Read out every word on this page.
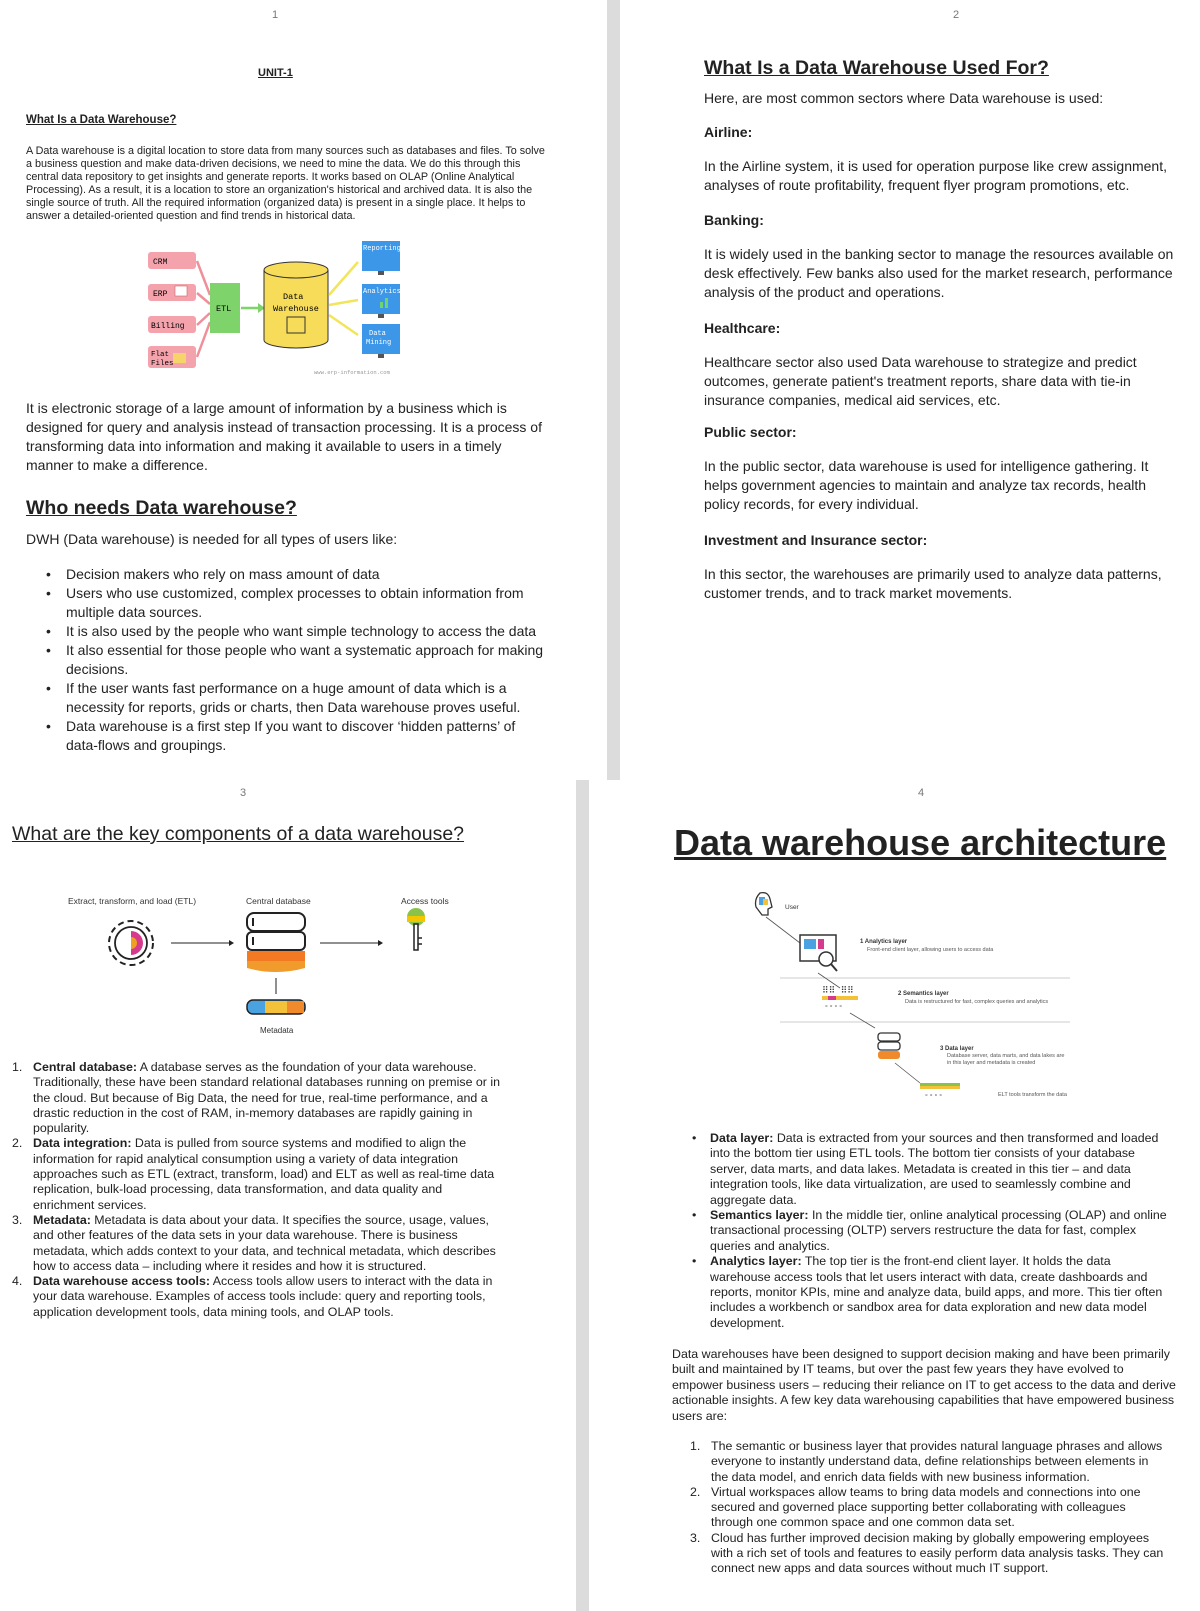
1
UNIT-1
What Is a Data Warehouse?
A Data warehouse is a digital location to store data from many sources such as databases and files. To solve a business question and make data-driven decisions, we need to mine the data. We do this through this central data repository to get insights and generate reports. It works based on OLAP (Online Analytical Processing). As a result, it is a location to store an organization's historical and archived data. It is also the single source of truth. All the required information (organized data) is present in a single place. It helps to answer a detailed-oriented question and find trends in historical data.
CRM
ERP
Billing
Flat
Files
ETL
Data
Warehouse
Reporting
Analytics
Data
Mining
www.erp-information.com
It is electronic storage of a large amount of information by a business which is designed for query and analysis instead of transaction processing. It is a process of transforming data into information and making it available to users in a timely manner to make a difference.
Who needs Data warehouse?
DWH (Data warehouse) is needed for all types of users like:
• Decision makers who rely on mass amount of data
• Users who use customized, complex processes to obtain information from multiple data sources.
• It is also used by the people who want simple technology to access the data
• It also essential for those people who want a systematic approach for making decisions.
• If the user wants fast performance on a huge amount of data which is a necessity for reports, grids or charts, then Data warehouse proves useful.
• Data warehouse is a first step If you want to discover ‘hidden patterns’ of data-flows and groupings.
2
What Is a Data Warehouse Used For?
Here, are most common sectors where Data warehouse is used:
Airline:
In the Airline system, it is used for operation purpose like crew assignment, analyses of route profitability, frequent flyer program promotions, etc.
Banking:
It is widely used in the banking sector to manage the resources available on desk effectively. Few banks also used for the market research, performance analysis of the product and operations.
Healthcare:
Healthcare sector also used Data warehouse to strategize and predict outcomes, generate patient's treatment reports, share data with tie-in insurance companies, medical aid services, etc.
Public sector:
In the public sector, data warehouse is used for intelligence gathering. It helps government agencies to maintain and analyze tax records, health policy records, for every individual.
Investment and Insurance sector:
In this sector, the warehouses are primarily used to analyze data patterns, customer trends, and to track market movements.
3
What are the key components of a data warehouse?
Extract, transform, and load (ETL)	Central database	Access tools
Metadata
Central database: A database serves as the foundation of your data warehouse. Traditionally, these have been standard relational databases running on premise or in the cloud. But because of Big Data, the need for true, real-time performance, and a drastic reduction in the cost of RAM, in-memory databases are rapidly gaining in popularity.
Data integration: Data is pulled from source systems and modified to align the information for rapid analytical consumption using a variety of data integration approaches such as ETL (extract, transform, load) and ELT as well as real-time data replication, bulk-load processing, data transformation, and data quality and enrichment services.
Metadata: Metadata is data about your data. It specifies the source, usage, values, and other features of the data sets in your data warehouse. There is business metadata, which adds context to your data, and technical metadata, which describes how to access data – including where it resides and how it is structured.
Data warehouse access tools: Access tools allow users to interact with the data in your data warehouse. Examples of access tools include: query and reporting tools, application development tools, data mining tools, and OLAP tools.
4
Data warehouse architecture
User
1 Analytics layer
Front-end client layer, allowing users to access data
⠿⠿ ⠿⠿
° ° ° °
2 Semantics layer
Data is restructured for fast, complex queries and analytics
3 Data layer
Database server, data marts, and data lakes are
in this layer and metadata is created
° ° ° °	ELT tools transform the data
• Data layer: Data is extracted from your sources and then transformed and loaded into the bottom tier using ETL tools. The bottom tier consists of your database server, data marts, and data lakes. Metadata is created in this tier – and data integration tools, like data virtualization, are used to seamlessly combine and aggregate data.
• Semantics layer: In the middle tier, online analytical processing (OLAP) and online transactional processing (OLTP) servers restructure the data for fast, complex queries and analytics.
• Analytics layer: The top tier is the front-end client layer. It holds the data warehouse access tools that let users interact with data, create dashboards and reports, monitor KPIs, mine and analyze data, build apps, and more. This tier often includes a workbench or sandbox area for data exploration and new data model development.
Data warehouses have been designed to support decision making and have been primarily built and maintained by IT teams, but over the past few years they have evolved to empower business users – reducing their reliance on IT to get access to the data and derive actionable insights. A few key data warehousing capabilities that have empowered business users are:
The semantic or business layer that provides natural language phrases and allows everyone to instantly understand data, define relationships between elements in the data model, and enrich data fields with new business information.
Virtual workspaces allow teams to bring data models and connections into one secured and governed place supporting better collaborating with colleagues through one common space and one common data set.
Cloud has further improved decision making by globally empowering employees with a rich set of tools and features to easily perform data analysis tasks. They can connect new apps and data sources without much IT support.
